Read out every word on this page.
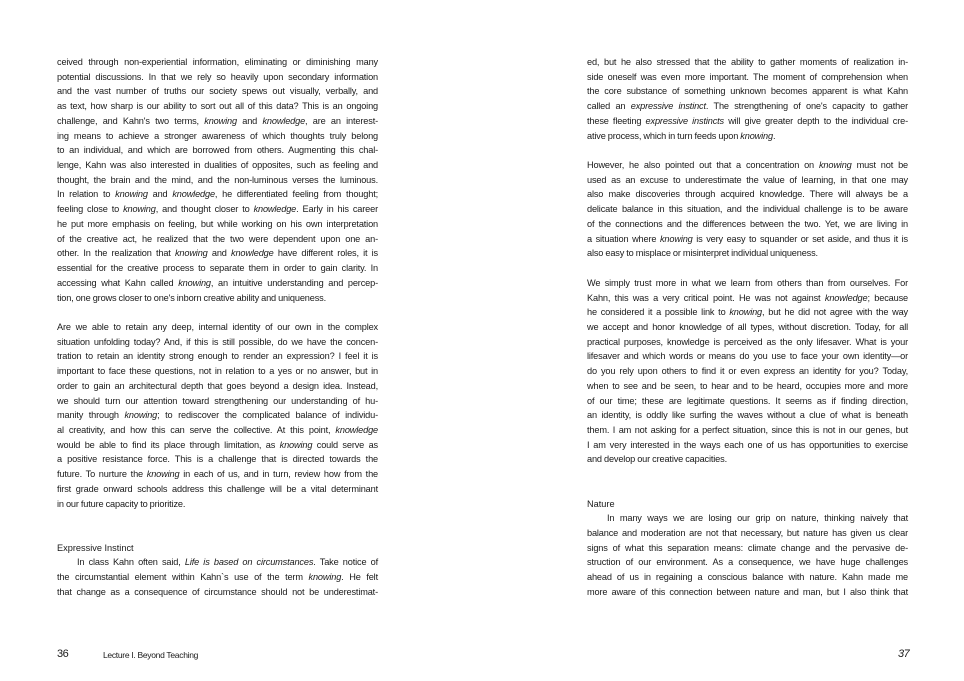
ceived through non-experiential information, eliminating or diminishing many
potential discussions. In that we rely so heavily upon secondary information
and the vast number of truths our society spews out visually, verbally, and
as text, how sharp is our ability to sort out all of this data? This is an ongoing
challenge, and Kahn's two terms, knowing and knowledge, are an interest-
ing means to achieve a stronger awareness of which thoughts truly belong
to an individual, and which are borrowed from others. Augmenting this chal-
lenge, Kahn was also interested in dualities of opposites, such as feeling and
thought, the brain and the mind, and the non-luminous verses the luminous.
In relation to knowing and knowledge, he differentiated feeling from thought;
feeling close to knowing, and thought closer to knowledge. Early in his career
he put more emphasis on feeling, but while working on his own interpretation
of the creative act, he realized that the two were dependent upon one an-
other. In the realization that knowing and knowledge have different roles, it is
essential for the creative process to separate them in order to gain clarity. In
accessing what Kahn called knowing, an intuitive understanding and percep-
tion, one grows closer to one's inborn creative ability and uniqueness.
Are we able to retain any deep, internal identity of our own in the complex
situation unfolding today? And, if this is still possible, do we have the concen-
tration to retain an identity strong enough to render an expression? I feel it is
important to face these questions, not in relation to a yes or no answer, but in
order to gain an architectural depth that goes beyond a design idea. Instead,
we should turn our attention toward strengthening our understanding of hu-
manity through knowing; to rediscover the complicated balance of individu-
al creativity, and how this can serve the collective. At this point, knowledge
would be able to find its place through limitation, as knowing could serve as
a positive resistance force. This is a challenge that is directed towards the
future. To nurture the knowing in each of us, and in turn, review how from the
first grade onward schools address this challenge will be a vital determinant
in our future capacity to prioritize.
Expressive Instinct
In class Kahn often said, Life is based on circumstances. Take notice of
the circumstantial element within Kahn`s use of the term knowing. He felt
that change as a consequence of circumstance should not be underestimat-
36	Lecture I. Beyond Teaching
ed, but he also stressed that the ability to gather moments of realization in-
side oneself was even more important. The moment of comprehension when
the core substance of something unknown becomes apparent is what Kahn
called an expressive instinct. The strengthening of one's capacity to gather
these fleeting expressive instincts will give greater depth to the individual cre-
ative process, which in turn feeds upon knowing.
However, he also pointed out that a concentration on knowing must not be
used as an excuse to underestimate the value of learning, in that one may
also make discoveries through acquired knowledge. There will always be a
delicate balance in this situation, and the individual challenge is to be aware
of the connections and the differences between the two. Yet, we are living in
a situation where knowing is very easy to squander or set aside, and thus it is
also easy to misplace or misinterpret individual uniqueness.
We simply trust more in what we learn from others than from ourselves. For
Kahn, this was a very critical point. He was not against knowledge; because
he considered it a possible link to knowing, but he did not agree with the way
we accept and honor knowledge of all types, without discretion. Today, for all
practical purposes, knowledge is perceived as the only lifesaver. What is your
lifesaver and which words or means do you use to face your own identity—or
do you rely upon others to find it or even express an identity for you? Today,
when to see and be seen, to hear and to be heard, occupies more and more
of our time; these are legitimate questions. It seems as if finding direction,
an identity, is oddly like surfing the waves without a clue of what is beneath
them. I am not asking for a perfect situation, since this is not in our genes, but
I am very interested in the ways each one of us has opportunities to exercise
and develop our creative capacities.
Nature
In many ways we are losing our grip on nature, thinking naively that
balance and moderation are not that necessary, but nature has given us clear
signs of what this separation means: climate change and the pervasive de-
struction of our environment. As a consequence, we have huge challenges
ahead of us in regaining a conscious balance with nature. Kahn made me
more aware of this connection between nature and man, but I also think that
37
